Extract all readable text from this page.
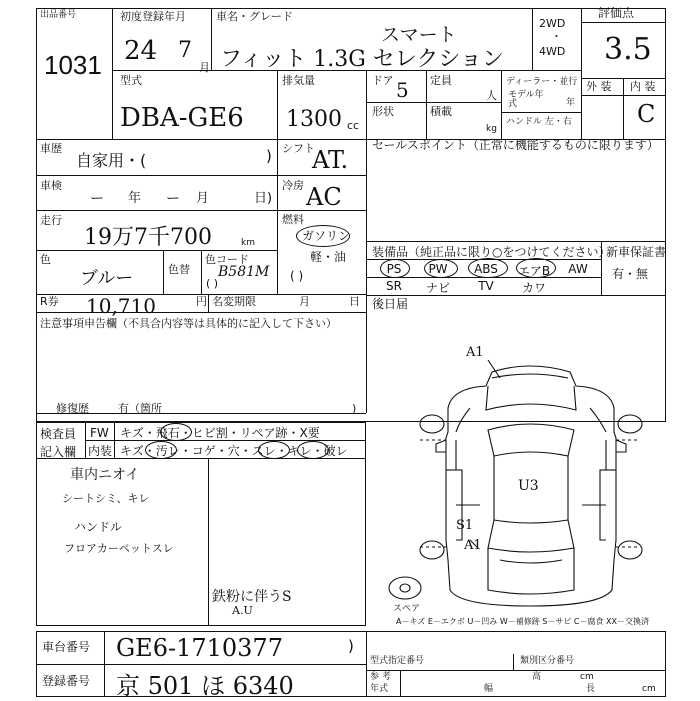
出品番号
1031
初度登録年月
24 7
月
車名・グレード
スマート
フィット 1.3G セレクション
2WD
・
4WD
評価点
3.5
型式
DBA-GE6
排気量
1300 cc
ドア 5 定員
人
形状	積載
kg
ディーラー・並行
モデル年式	年
ハンドル 左・右
外 装 内 装
C
車歴
自家用・(	) シフト
AT.
セールスポイント（正常に機能するものに限ります）
車検
ー 年 ー 月	日)
冷房 AC
走行
19万7千700	km
燃料
ガソリン
軽・油
( )
色
ブルー	色替
色コード
B581M
( )
R券 10,710	円 名変期限	月	日
注意事項申告欄（不具合内容等は具体的に記入して下さい）
修復歴	有（箇所	)
装備品（純正品に限り○をつけてください）
新車保証書
有・無
PS	PW	ABS	エアB	AW
SR	ナビ	TV	カワ
後日届
A1
U3
S1
A1
スペア
検査員
記入欄
FW キズ・飛石・ヒビ割・リペア跡・X要
内装 キズ・汚レ・コゲ・穴・スレ・キレ・破レ
車内ニオイ
シートシミ、キレ
ハンドル
フロアカーペットスレ
鉄粉に伴うS
A.U
A－キズ E－エクボ U－凹み W－補修跡 S－サビ C－腐食 XX－交換済
車台番号 GE6-1710377	)
登録番号 京 501 ほ 6340
型式指定番号	類別区分番号
参 考
年式	幅
高	cm
長	cm
